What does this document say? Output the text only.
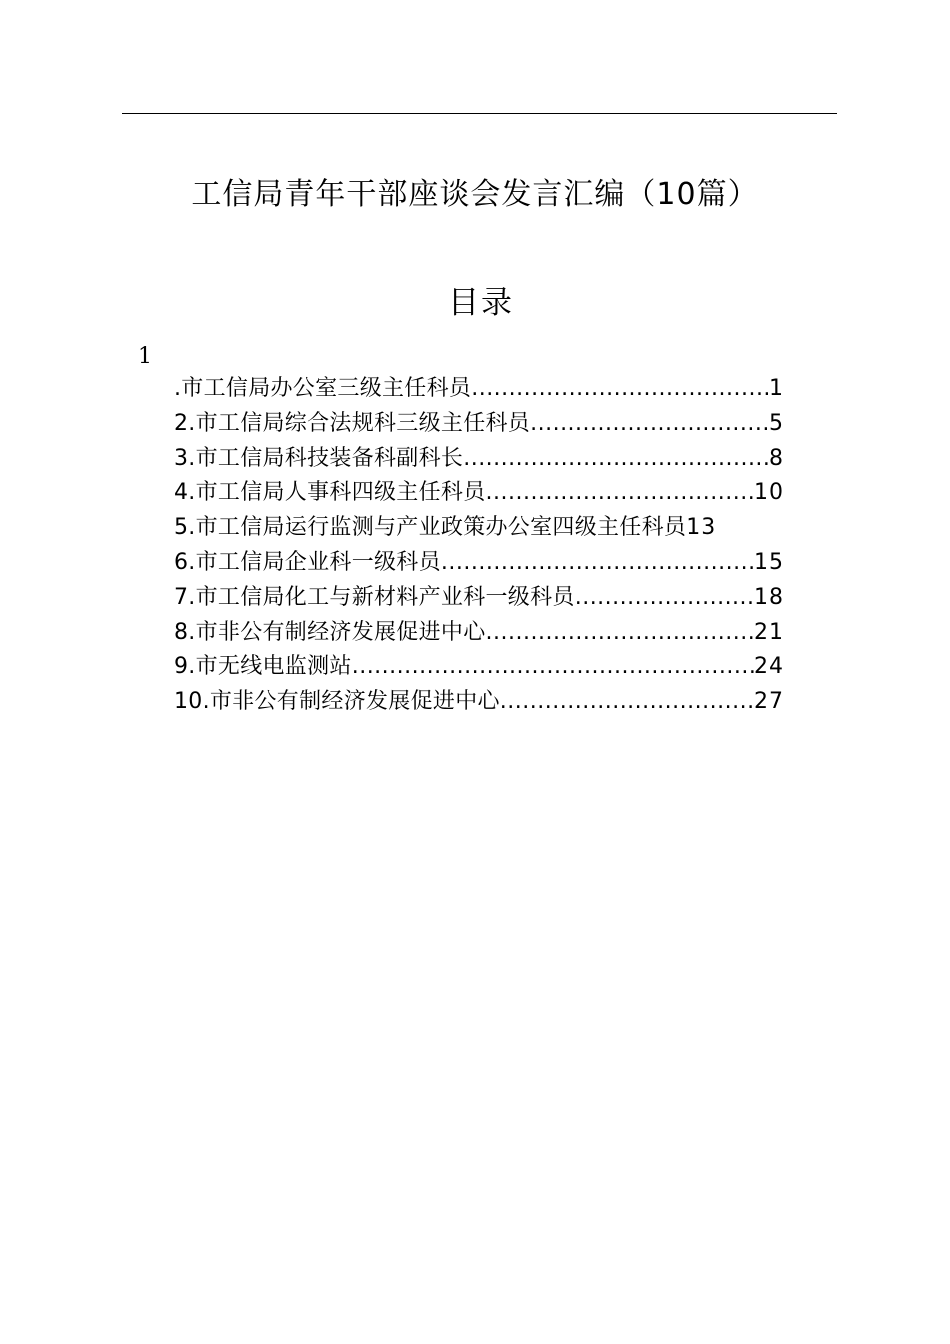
工信局青年干部座谈会发言汇编（10篇）
目录
1
.市工信局办公室三级主任科员 .....	1
2.市工信局综合法规科三级主任科员 .....	5
3.市工信局科技装备科副科长 .....	8
4.市工信局人事科四级主任科员 .....	10
5.市工信局运行监测与产业政策办公室四级主任科员 13
6.市工信局企业科一级科员 .....	15
7.市工信局化工与新材料产业科一级科员 .....	18
8.市非公有制经济发展促进中心 .....	21
9.市无线电监测站 .....	24
10.市非公有制经济发展促进中心 .....	27
